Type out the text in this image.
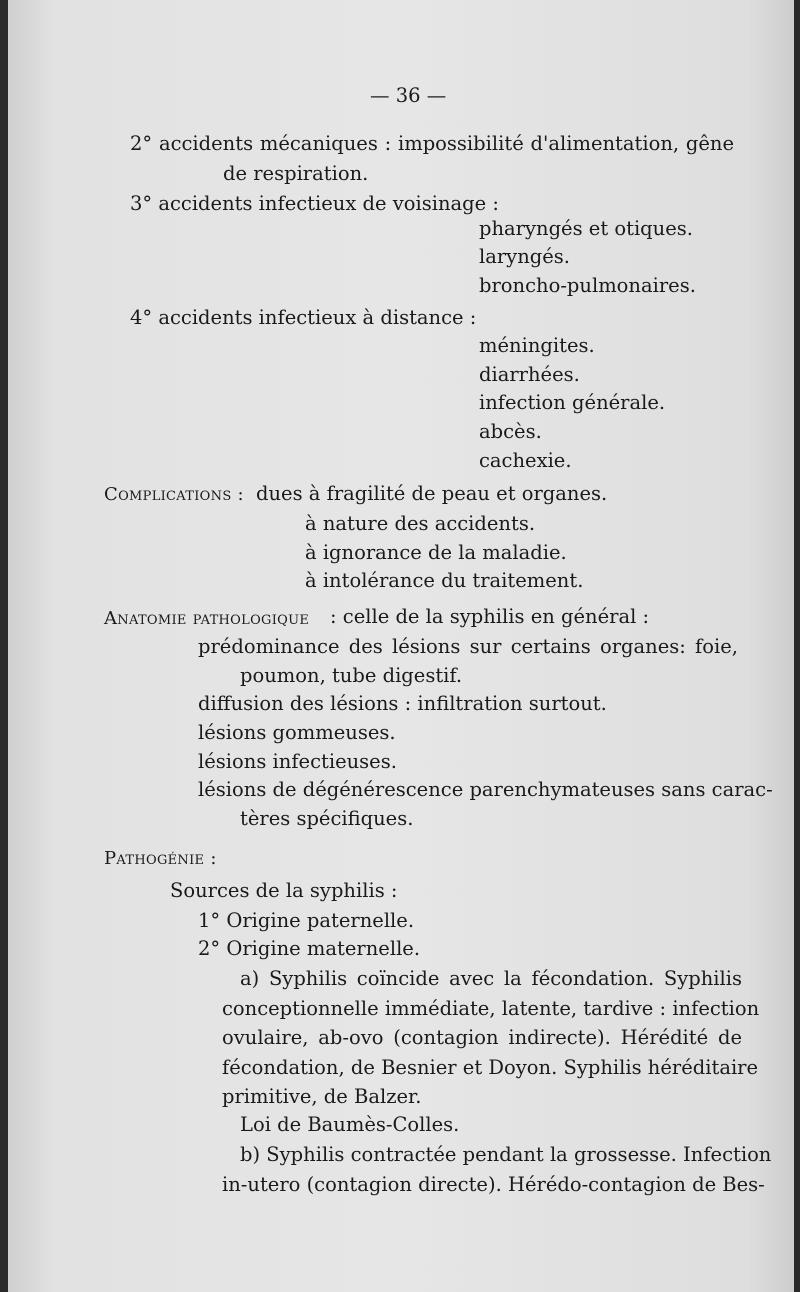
— 36 —
2° accidents mécaniques : impossibilité d'alimentation, gêne
de respiration.
3° accidents infectieux de voisinage :
pharyngés et otiques.
laryngés.
broncho-pulmonaires.
4° accidents infectieux à distance :
méningites.
diarrhées.
infection générale.
abcès.
cachexie.
Complications : dues à fragilité de peau et organes.
à nature des accidents.
à ignorance de la maladie.
à intolérance du traitement.
Anatomie pathologique : celle de la syphilis en général :
prédominance des lésions sur certains organes: foie,
poumon, tube digestif.
diffusion des lésions : infiltration surtout.
lésions gommeuses.
lésions infectieuses.
lésions de dégénérescence parenchymateuses sans carac-
tères spécifiques.
Pathogénie :
Sources de la syphilis :
1° Origine paternelle.
2° Origine maternelle.
a) Syphilis coïncide avec la fécondation. Syphilis
conceptionnelle immédiate, latente, tardive : infection
ovulaire, ab-ovo (contagion indirecte). Hérédité de
fécondation, de Besnier et Doyon. Syphilis héréditaire
primitive, de Balzer.
Loi de Baumès-Colles.
b) Syphilis contractée pendant la grossesse. Infection
in-utero (contagion directe). Hérédo-contagion de Bes-
